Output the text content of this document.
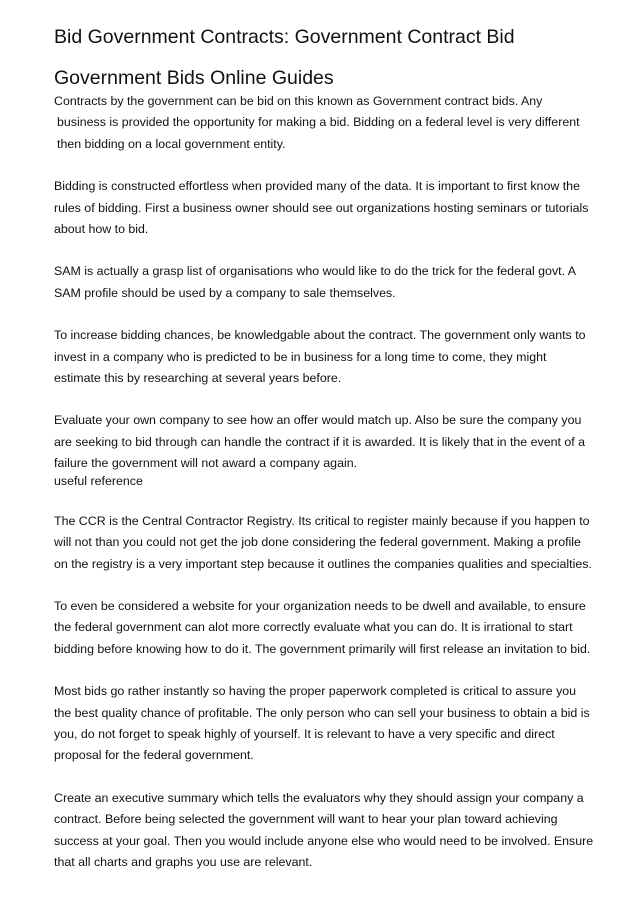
Bid Government Contracts: Government Contract Bid
Government Bids Online Guides

Contracts by the government can be bid on this known as Government contract bids. Any business is provided the opportunity for making a bid. Bidding on a federal level is very different then bidding on a local government entity.

Bidding is constructed effortless when provided many of the data. It is important to first know the rules of bidding. First a business owner should see out organizations hosting seminars or tutorials about how to bid.

SAM is actually a grasp list of organisations who would like to do the trick for the federal govt. A SAM profile should be used by a company to sale themselves.

To increase bidding chances, be knowledgable about the contract. The government only wants to invest in a company who is predicted to be in business for a long time to come, they might estimate this by researching at several years before.

Evaluate your own company to see how an offer would match up. Also be sure the company you are seeking to bid through can handle the contract if it is awarded. It is likely that in the event of a failure the government will not award a company again.

useful reference

The CCR is the Central Contractor Registry. Its critical to register mainly because if you happen to will not than you could not get the job done considering the federal government. Making a profile on the registry is a very important step because it outlines the companies qualities and specialties.

To even be considered a website for your organization needs to be dwell and available, to ensure the federal government can alot more correctly evaluate what you can do. It is irrational to start bidding before knowing how to do it. The government primarily will first release an invitation to bid.

Most bids go rather instantly so having the proper paperwork completed is critical to assure you the best quality chance of profitable. The only person who can sell your business to obtain a bid is you, do not forget to speak highly of yourself. It is relevant to have a very specific and direct proposal for the federal government.

Create an executive summary which tells the evaluators why they should assign your company a contract. Before being selected the government will want to hear your plan toward achieving success at your goal. Then you would include anyone else who would need to be involved. Ensure that all charts and graphs you use are relevant.
